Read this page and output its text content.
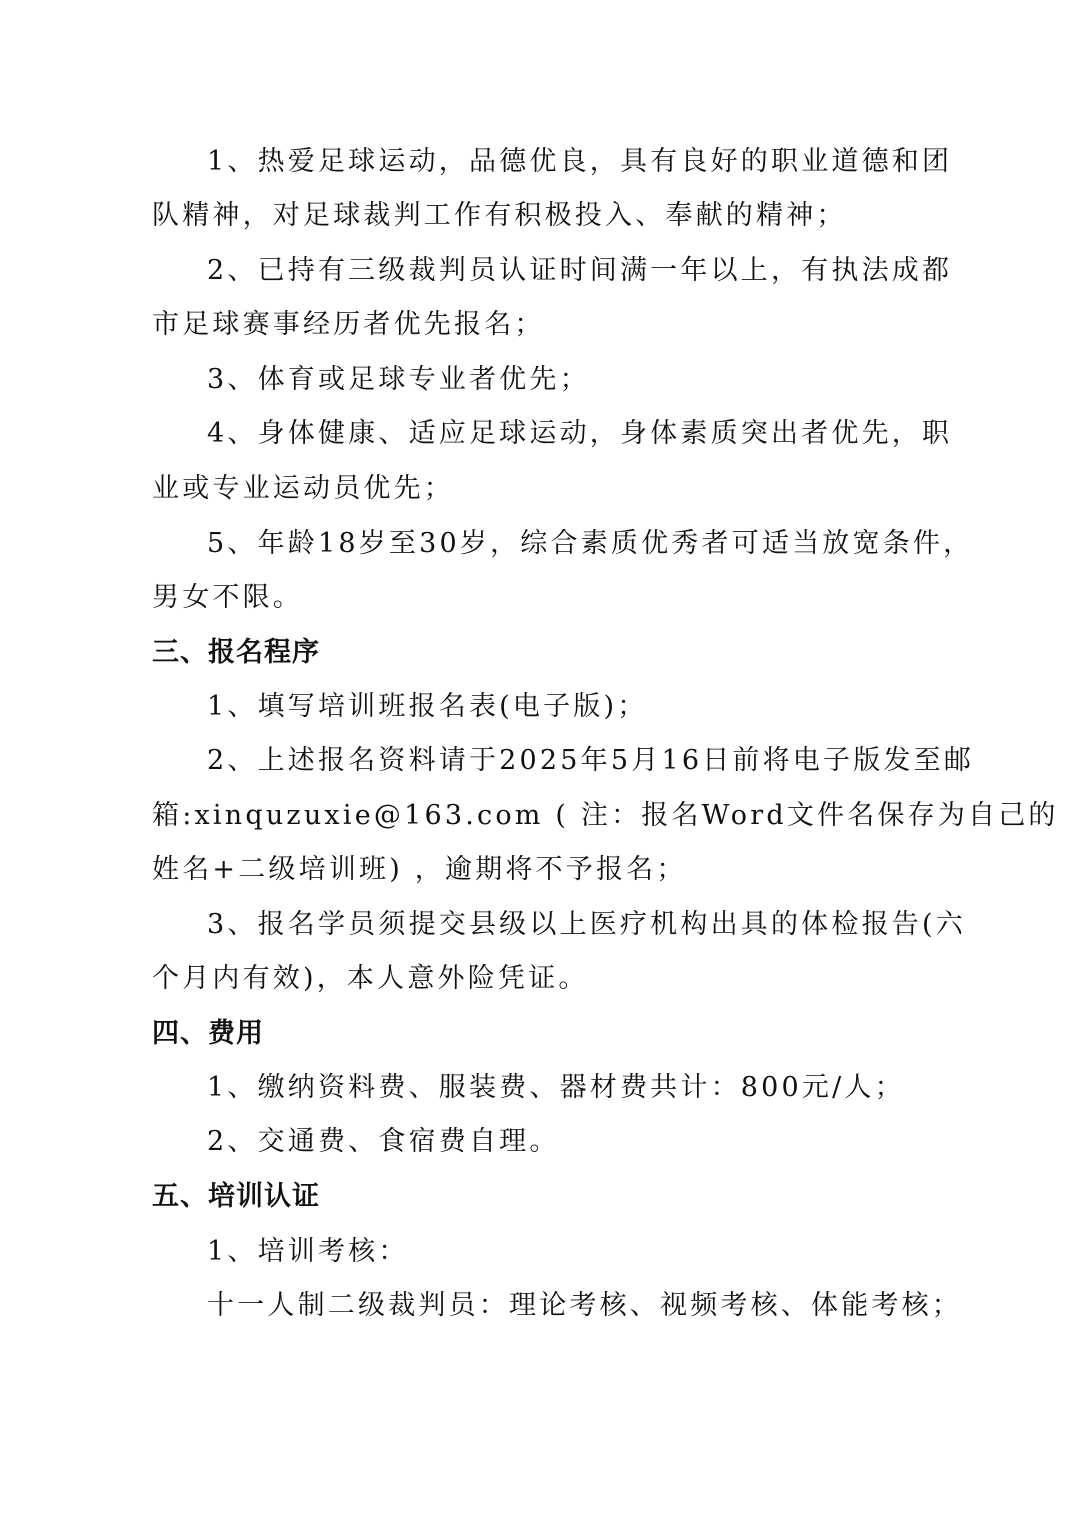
1、热爱足球运动，品德优良，具有良好的职业道德和团
队精神，对足球裁判工作有积极投入、奉献的精神；
2、已持有三级裁判员认证时间满一年以上，有执法成都
市足球赛事经历者优先报名；
3、体育或足球专业者优先；
4、身体健康、适应足球运动，身体素质突出者优先，职
业或专业运动员优先；
5、年龄18岁至30岁，综合素质优秀者可适当放宽条件，
男女不限。
三、报名程序
1、填写培训班报名表(电子版)；
2、上述报名资料请于2025年5月16日前将电子版发至邮
箱:xinquzuxie@163.com ( 注：报名Word文件名保存为自己的
姓名+二级培训班) ，逾期将不予报名；
3、报名学员须提交县级以上医疗机构出具的体检报告(六
个月内有效)，本人意外险凭证。
四、费用
1、缴纳资料费、服装费、器材费共计：800元/人；
2、交通费、食宿费自理。
五、培训认证
1、培训考核：
十一人制二级裁判员：理论考核、视频考核、体能考核；
